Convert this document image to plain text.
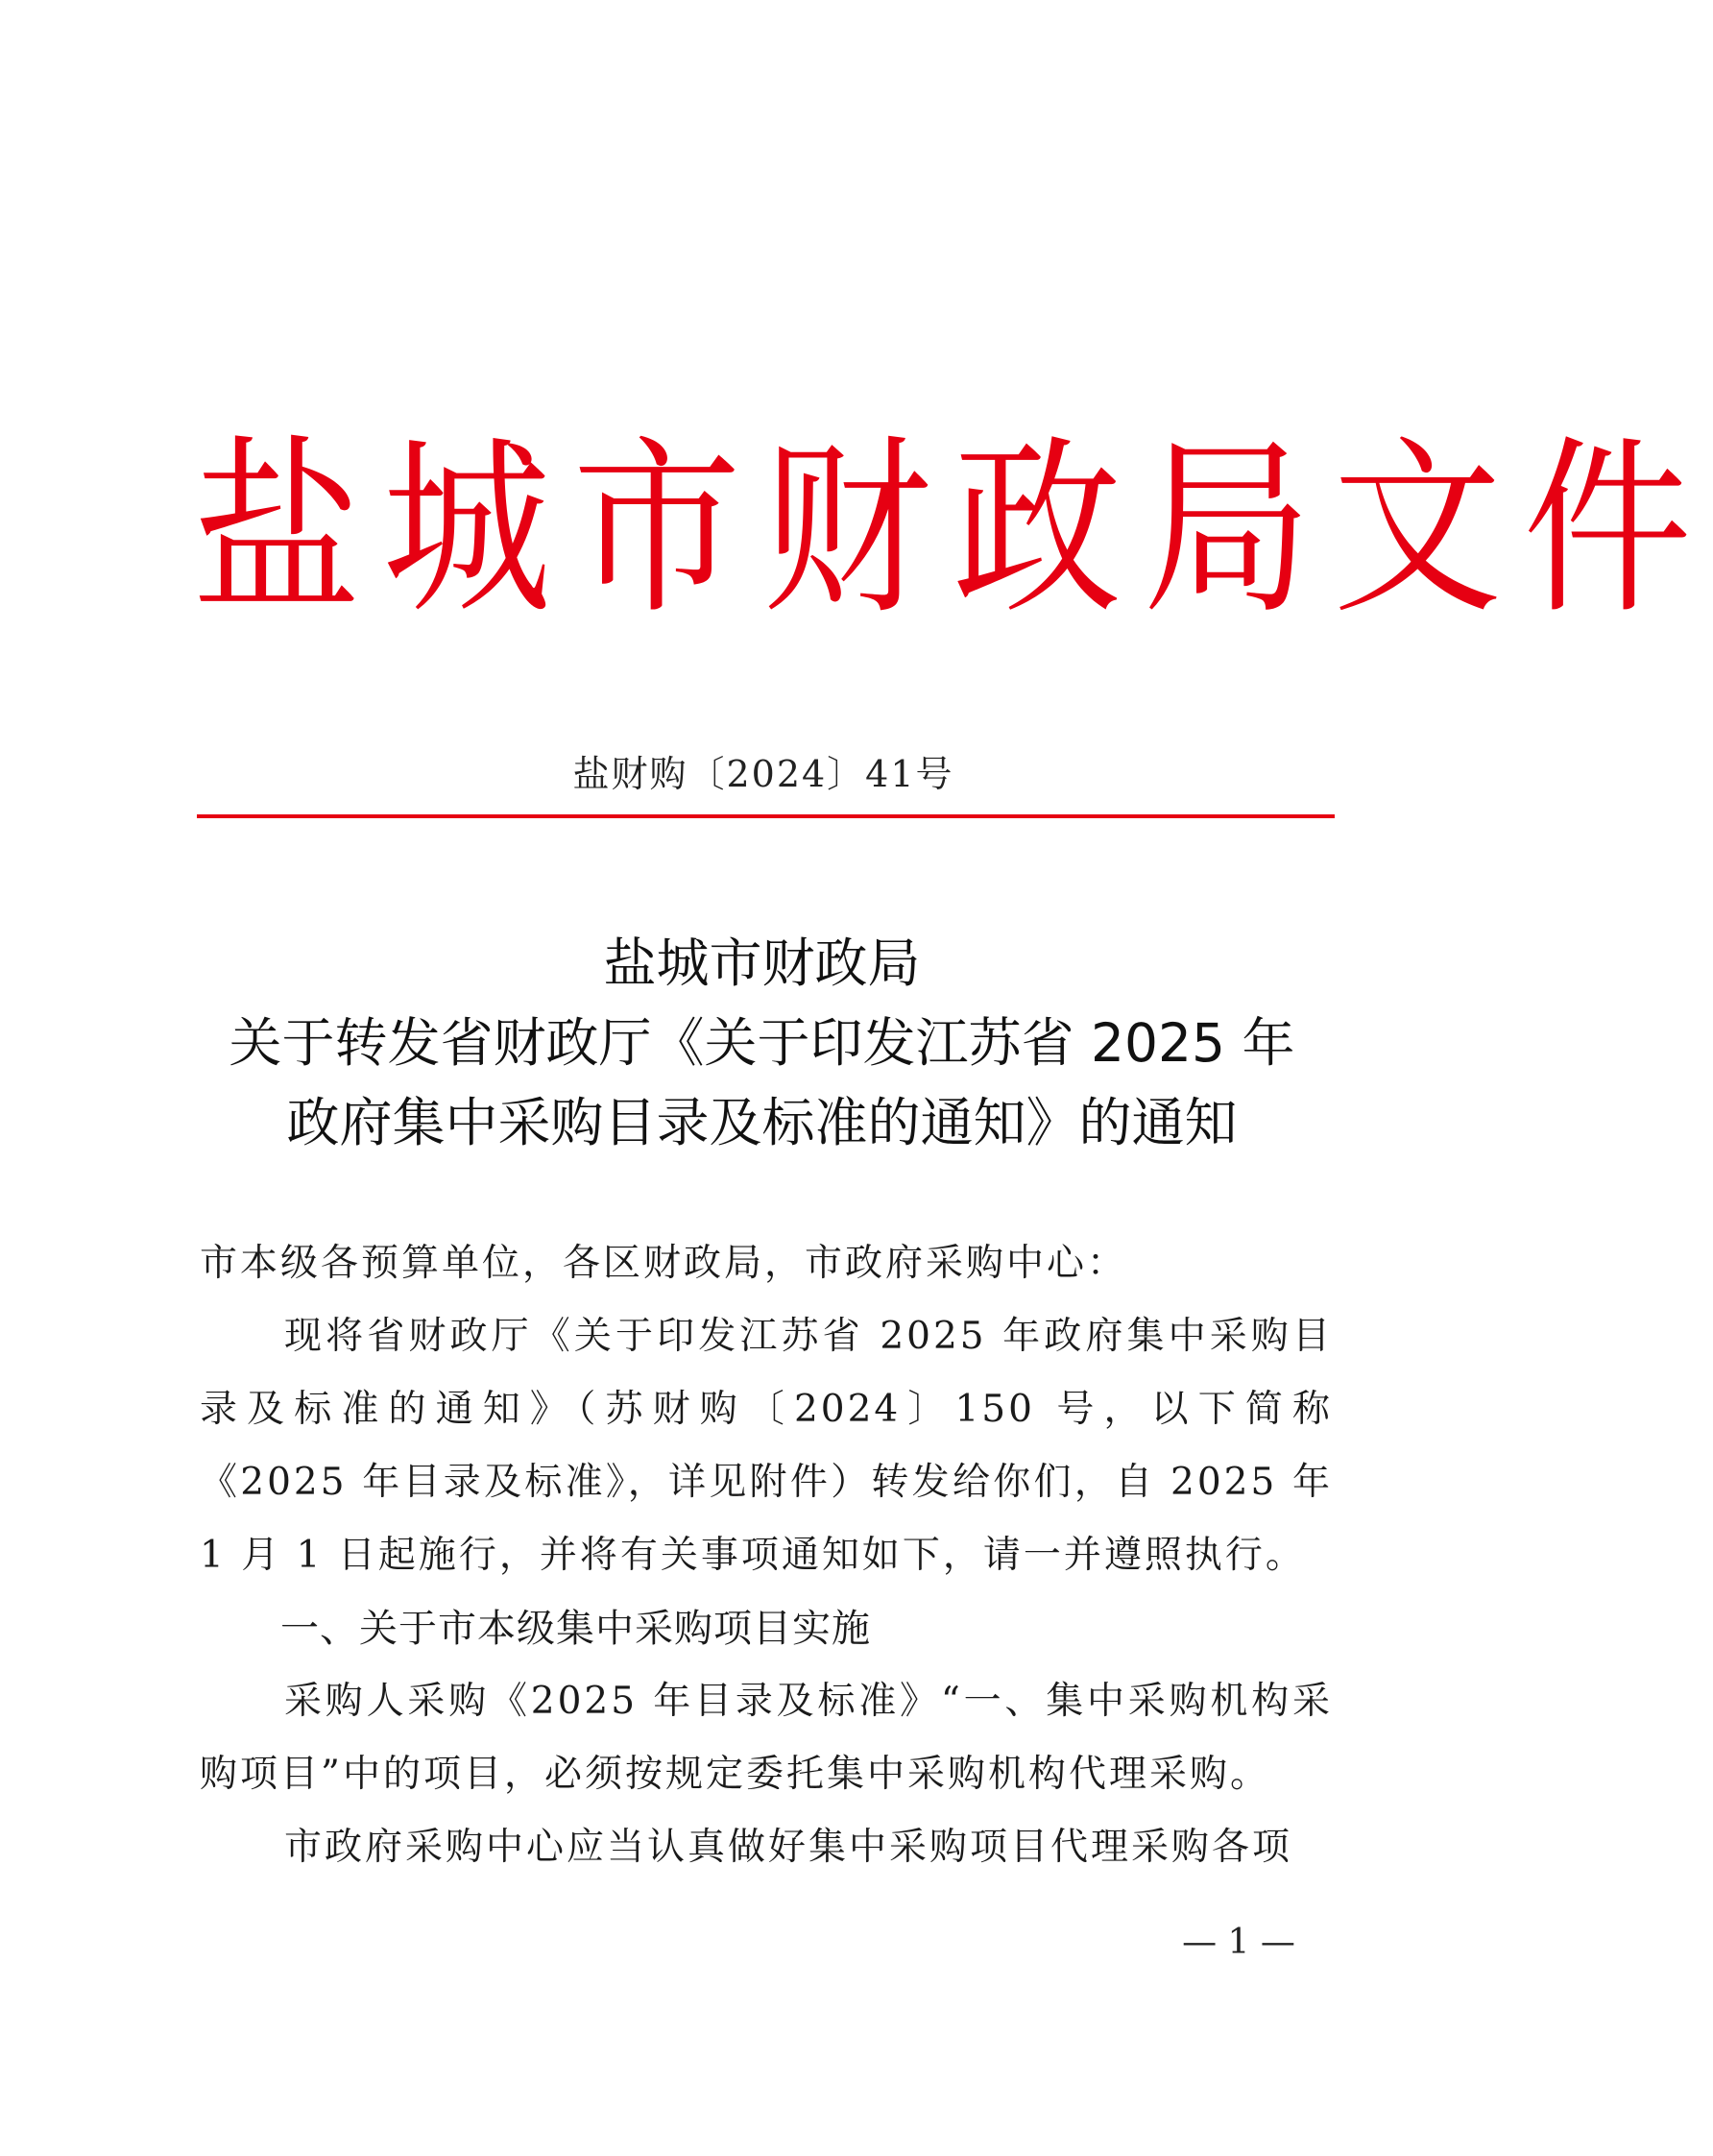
盐城市财政局文件
盐财购〔2024〕41号
盐城市财政局
关于转发省财政厅《关于印发江苏省 2025 年
政府集中采购目录及标准的通知》的通知

市本级各预算单位，各区财政局，市政府采购中心：

现将省财政厅《关于印发江苏省 2025 年政府集中采购目录及标准的通知》（苏财购〔2024〕150 号，以下简称《2025 年目录及标准》，详见附件）转发给你们，自 2025 年 1 月 1 日起施行，并将有关事项通知如下，请一并遵照执行。

一、关于市本级集中采购项目实施

采购人采购《2025 年目录及标准》“一、集中采购机构采购项目”中的项目，必须按规定委托集中采购机构代理采购。

市政府采购中心应当认真做好集中采购项目代理采购各项

— 1 —
